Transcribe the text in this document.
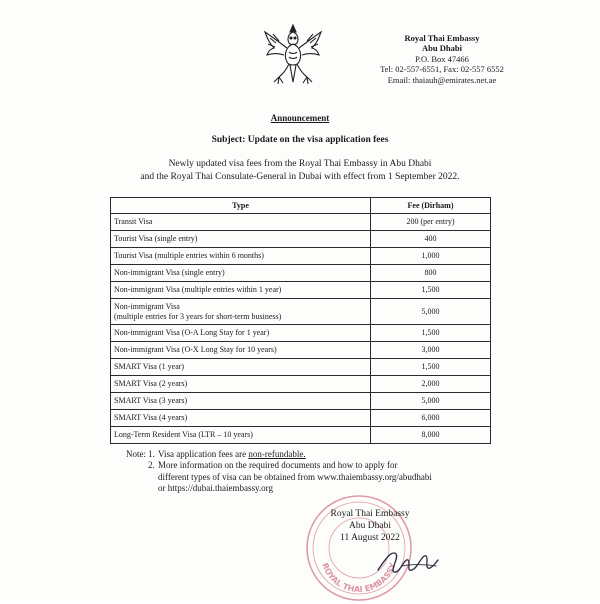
Royal Thai Embassy
Abu Dhabi
P.O. Box 47466
Tel: 02-557-6551, Fax: 02-557 6552
Email: thaiauh@emirates.net.ae
Announcement
Subject: Update on the visa application fees
Newly updated visa fees from the Royal Thai Embassy in Abu Dhabi
and the Royal Thai Consulate-General in Dubai with effect from 1 September 2022.
Type	Fee (Dirham)
Transit Visa	200 (per entry)
Tourist Visa (single entry)	400
Tourist Visa (multiple entries within 6 months)	1,000
Non-immigrant Visa (single entry)	800
Non-immigrant Visa (multiple entries within 1 year)	1,500

Non-immigrant Visa
(multiple entries for 3 years for short-term business)	5,000
Non-immigrant Visa (O-A Long Stay for 1 year)	1,500
Non-immigrant Visa (O-X Long Stay for 10 years)	3,000
SMART Visa (1 year)	1,500
SMART Visa (2 years)	2,000
SMART Visa (3 years)	5,000
SMART Visa (4 years)	6,000
Long-Term Resident Visa (LTR – 10 years)	8,000
Note: 1. Visa application fees are non-refundable.
2. More information on the required documents and how to apply for
different types of visa can be obtained from www.thaiembassy.org/abudhabi
or https://dubai.thaiembassy.org
ROYAL THAI EMBASSY
Royal Thai Embassy
Abu Dhabi
11 August 2022
